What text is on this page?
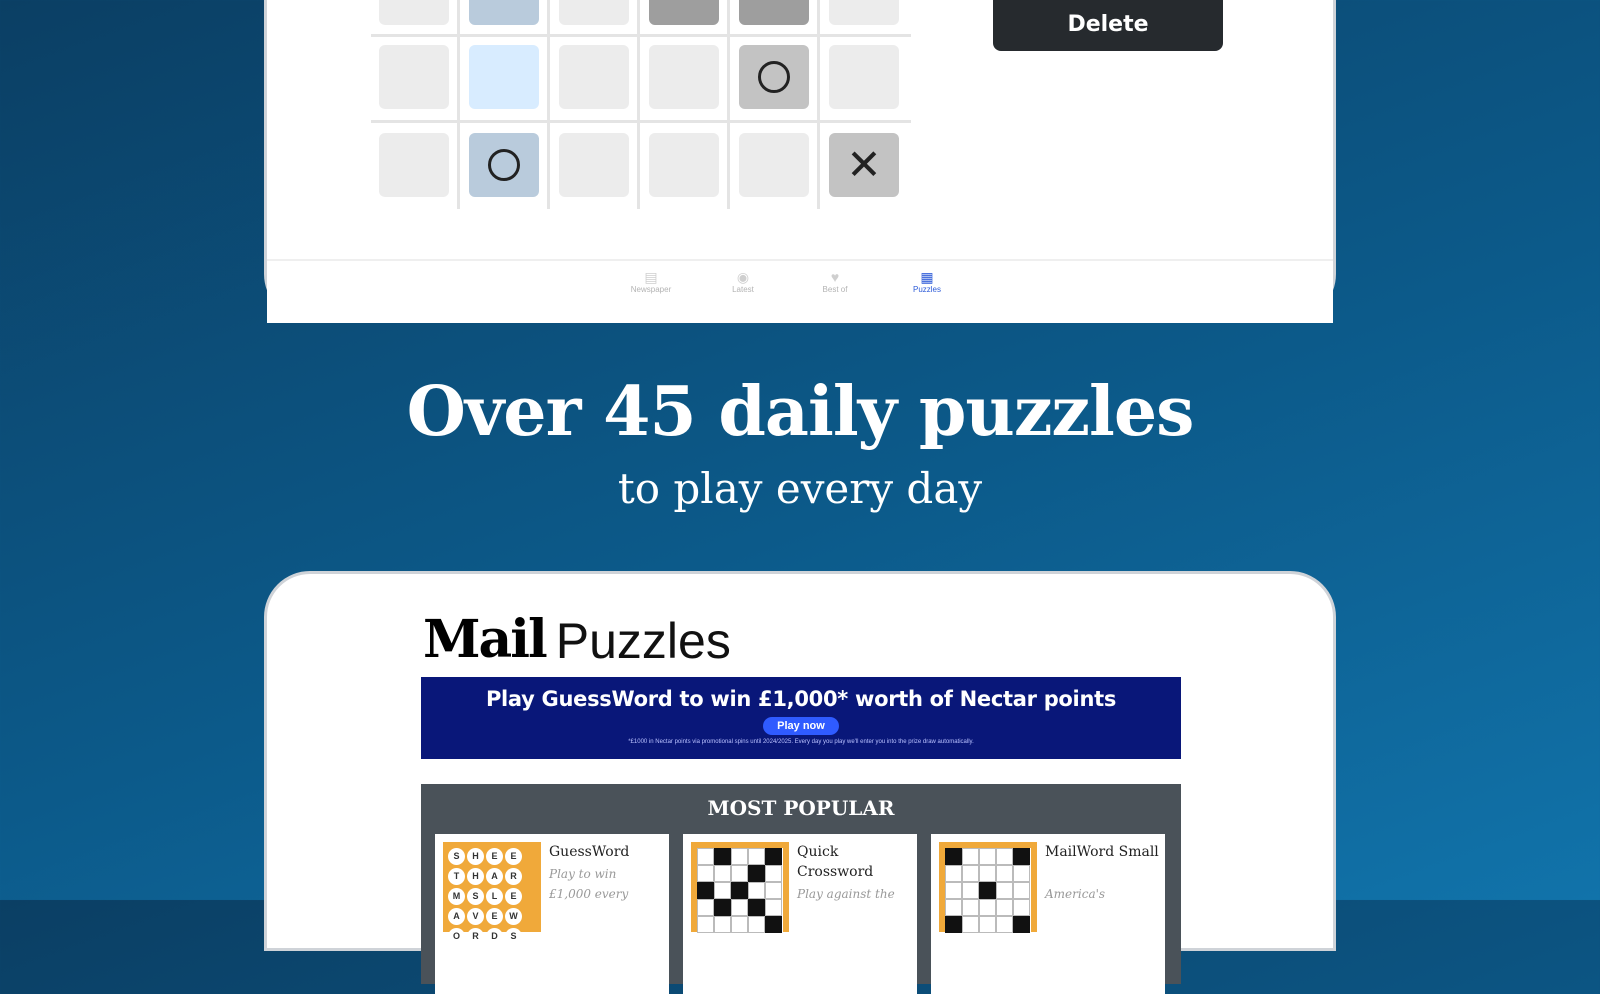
✕
Delete
▤
Newspaper
◉
Latest
♥
Best of
▦
Puzzles
Over 45 daily puzzles
to play every day
Mail Puzzles
Play GuessWord to win £1,000* worth of Nectar points
Play now
*£1000 in Nectar points via promotional spins until 2024/2025. Every day you play we'll enter you into the prize draw automatically.
MOST POPULAR
S H E ET H A RM S L EA V E WO R D S
GuessWord
Play to win
£1,000 every
Quick Crossword
Play against the
MailWord Small
America's
